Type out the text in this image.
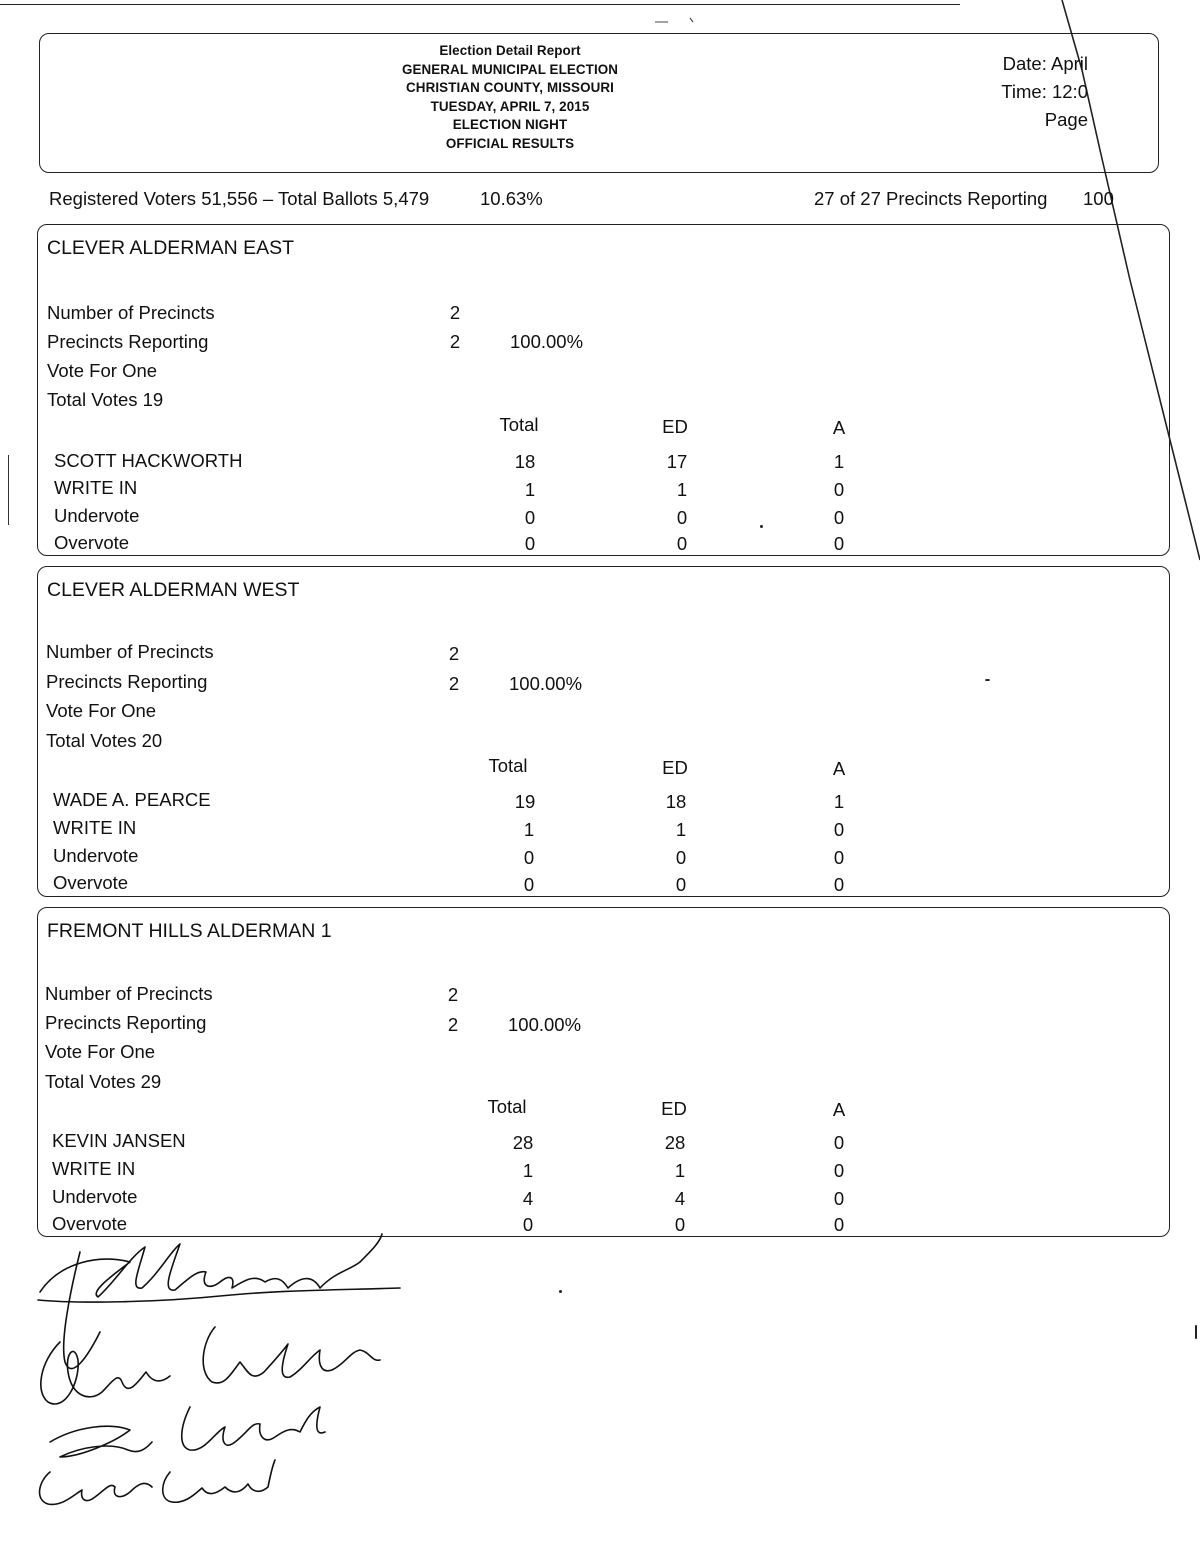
Election Detail Report
GENERAL MUNICIPAL ELECTION
CHRISTIAN COUNTY, MISSOURI
TUESDAY, APRIL 7, 2015
ELECTION NIGHT
OFFICIAL RESULTS
Date: April
Time: 12:0
Page
Registered Voters 51,556 – Total Ballots 5,479	10.63%	27 of 27 Precincts Reporting 100
CLEVER ALDERMAN EAST
Number of Precincts	2
Precincts Reporting	2	100.00%
Vote For One
Total Votes 19
Total	ED	A
SCOTT HACKWORTH	18	17	1
WRITE IN	1	1	0
Undervote	0	0	0
Overvote	0	0	0
CLEVER ALDERMAN WEST
Number of Precincts	2
Precincts Reporting	2	100.00%
Vote For One
Total Votes 20
Total	ED	A
WADE A. PEARCE	19	18	1
WRITE IN	1	1	0
Undervote	0	0	0
Overvote	0	0	0
FREMONT HILLS ALDERMAN 1
Number of Precincts	2
Precincts Reporting	2	100.00%
Vote For One
Total Votes 29
Total	ED	A
KEVIN JANSEN	28	28	0
WRITE IN	1	1	0
Undervote	4	4	0
Overvote	0	0	0
